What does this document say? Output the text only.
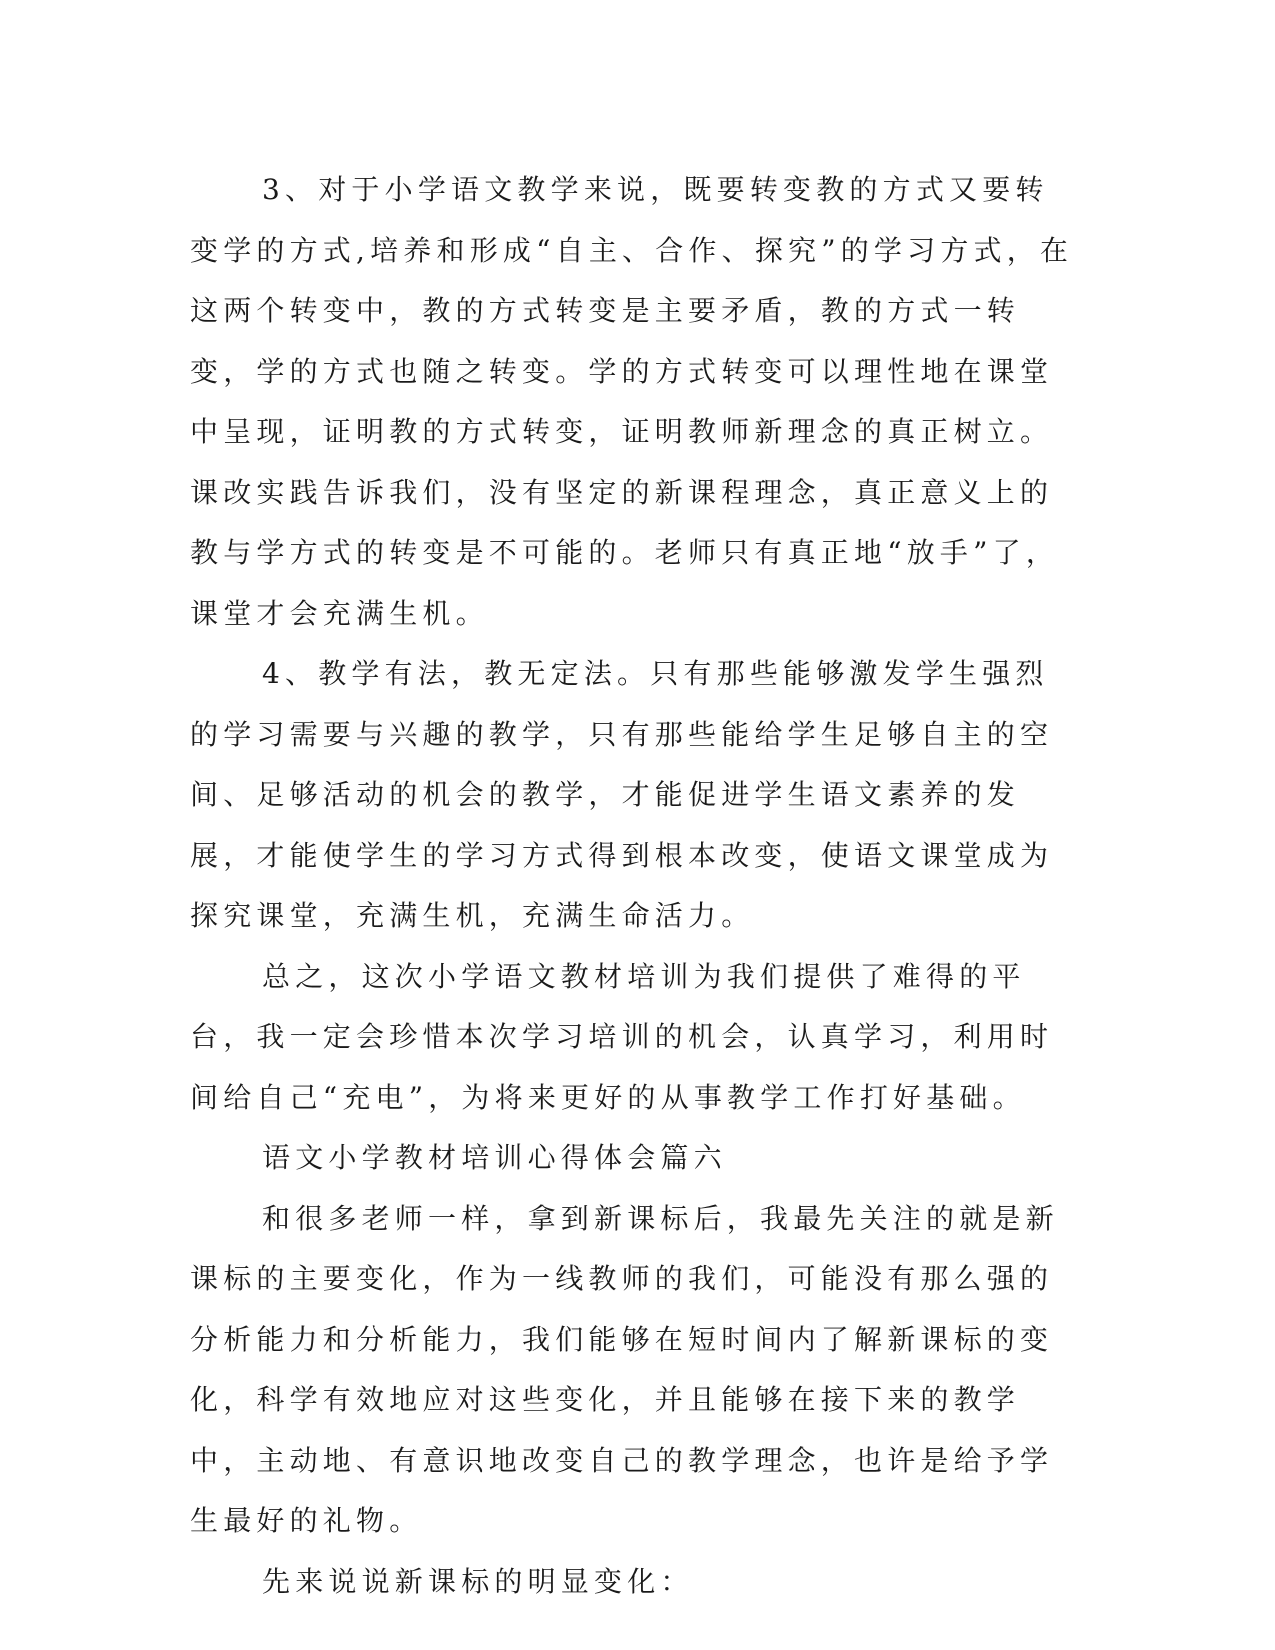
3、对于小学语文教学来说，既要转变教的方式又要转变学的方式,培养和形成“自主、合作、探究”的学习方式，在这两个转变中，教的方式转变是主要矛盾，教的方式一转变，学的方式也随之转变。学的方式转变可以理性地在课堂中呈现，证明教的方式转变，证明教师新理念的真正树立。课改实践告诉我们，没有坚定的新课程理念，真正意义上的教与学方式的转变是不可能的。老师只有真正地“放手”了，课堂才会充满生机。

4、教学有法，教无定法。只有那些能够激发学生强烈的学习需要与兴趣的教学，只有那些能给学生足够自主的空间、足够活动的机会的教学，才能促进学生语文素养的发展，才能使学生的学习方式得到根本改变，使语文课堂成为探究课堂，充满生机，充满生命活力。

总之，这次小学语文教材培训为我们提供了难得的平台，我一定会珍惜本次学习培训的机会，认真学习，利用时间给自己“充电”，为将来更好的从事教学工作打好基础。

语文小学教材培训心得体会篇六

和很多老师一样，拿到新课标后，我最先关注的就是新课标的主要变化，作为一线教师的我们，可能没有那么强的分析能力和分析能力，我们能够在短时间内了解新课标的变化，科学有效地应对这些变化，并且能够在接下来的教学中，主动地、有意识地改变自己的教学理念，也许是给予学生最好的礼物。

先来说说新课标的明显变化：
